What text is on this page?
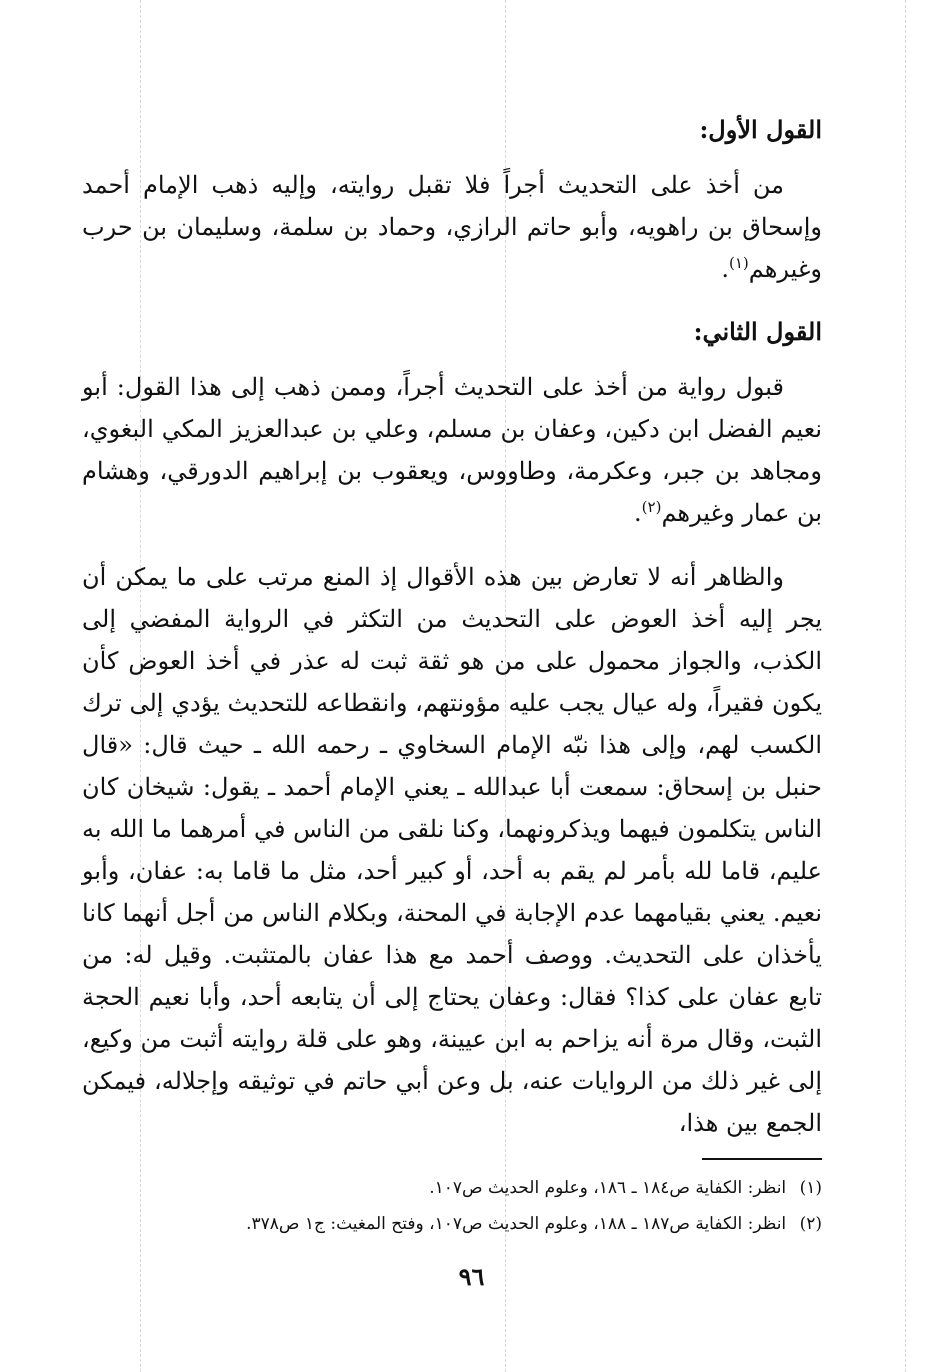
القول الأول:

من أخذ على التحديث أجراً فلا تقبل روايته، وإليه ذهب الإمام أحمد وإسحاق بن راهويه، وأبو حاتم الرازي، وحماد بن سلمة، وسليمان بن حرب وغيرهم$^{(١)}$.

القول الثاني:

قبول رواية من أخذ على التحديث أجراً، وممن ذهب إلى هذا القول: أبو نعيم الفضل ابن دكين، وعفان بن مسلم، وعلي بن عبدالعزيز المكي البغوي، ومجاهد بن جبر، وعكرمة، وطاووس، ويعقوب بن إبراهيم الدورقي، وهشام بن عمار وغيرهم$^{(٢)}$.

والظاهر أنه لا تعارض بين هذه الأقوال إذ المنع مرتب على ما يمكن أن يجر إليه أخذ العوض على التحديث من التكثر في الرواية المفضي إلى الكذب، والجواز محمول على من هو ثقة ثبت له عذر في أخذ العوض كأن يكون فقيراً، وله عيال يجب عليه مؤونتهم، وانقطاعه للتحديث يؤدي إلى ترك الكسب لهم، وإلى هذا نبّه الإمام السخاوي ـ رحمه الله ـ حيث قال: «قال حنبل بن إسحاق: سمعت أبا عبدالله ـ يعني الإمام أحمد ـ يقول: شيخان كان الناس يتكلمون فيهما ويذكرونهما، وكنا نلقى من الناس في أمرهما ما الله به عليم، قاما لله بأمر لم يقم به أحد، أو كبير أحد، مثل ما قاما به: عفان، وأبو نعيم. يعني بقيامهما عدم الإجابة في المحنة، وبكلام الناس من أجل أنهما كانا يأخذان على التحديث. ووصف أحمد مع هذا عفان بالمتثبت. وقيل له: من تابع عفان على كذا؟ فقال: وعفان يحتاج إلى أن يتابعه أحد، وأبا نعيم الحجة الثبت، وقال مرة أنه يزاحم به ابن عيينة، وهو على قلة روايته أثبت من وكيع، إلى غير ذلك من الروايات عنه، بل وعن أبي حاتم في توثيقه وإجلاله، فيمكن الجمع بين هذا،

(١) انظر: الكفاية ص١٨٤ ـ ١٨٦، وعلوم الحديث ص١٠٧.
(٢) انظر: الكفاية ص١٨٧ ـ ١٨٨، وعلوم الحديث ص١٠٧، وفتح المغيث: ج١ ص٣٧٨.
٩٦
